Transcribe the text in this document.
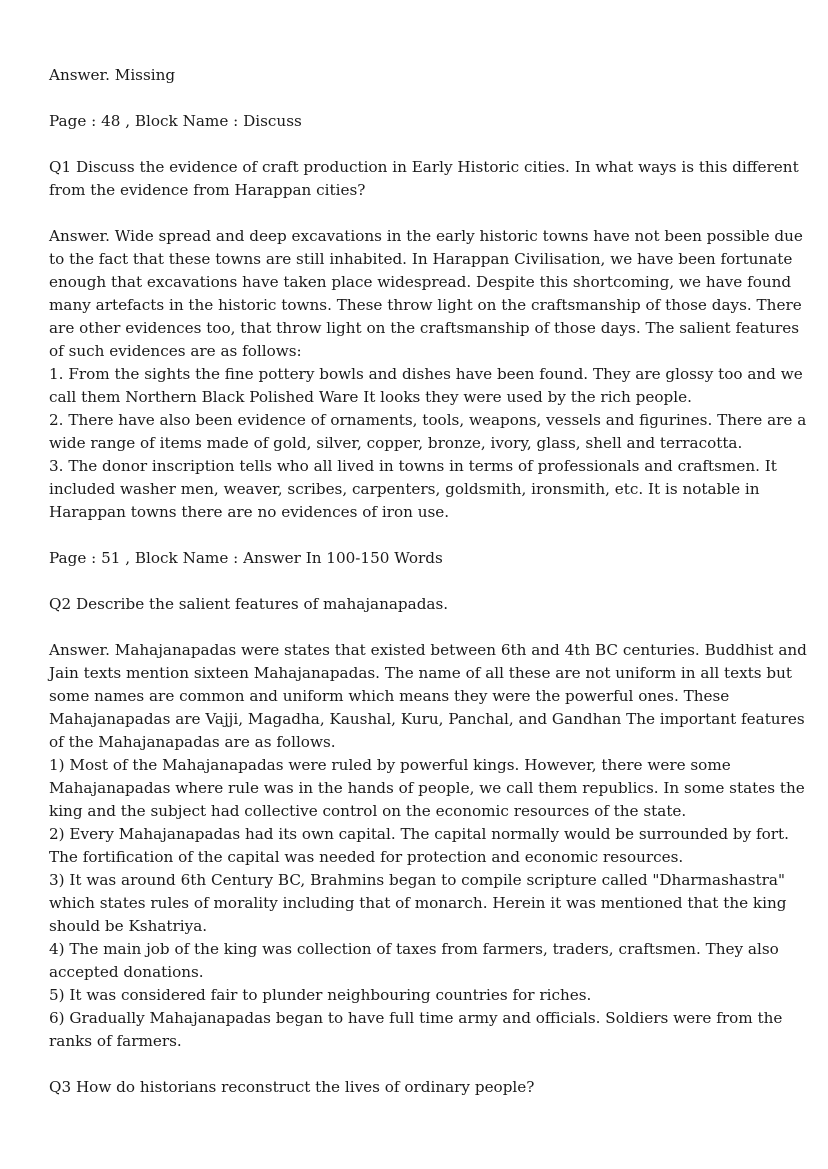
Answer. Missing

Page : 48 , Block Name : Discuss

Q1 Discuss the evidence of craft production in Early Historic cities. In what ways is this different
from the evidence from Harappan cities?

Answer. Wide spread and deep excavations in the early historic towns have not been possible due
to the fact that these towns are still inhabited. In Harappan Civilisation, we have been fortunate
enough that excavations have taken place widespread. Despite this shortcoming, we have found
many artefacts in the historic towns. These throw light on the craftsmanship of those days. There
are other evidences too, that throw light on the craftsmanship of those days. The salient features
of such evidences are as follows:
1. From the sights the fine pottery bowls and dishes have been found. They are glossy too and we
call them Northern Black Polished Ware It looks they were used by the rich people.
2. There have also been evidence of ornaments, tools, weapons, vessels and figurines. There are a
wide range of items made of gold, silver, copper, bronze, ivory, glass, shell and terracotta.
3. The donor inscription tells who all lived in towns in terms of professionals and craftsmen. It
included washer men, weaver, scribes, carpenters, goldsmith, ironsmith, etc. It is notable in
Harappan towns there are no evidences of iron use.

Page : 51 , Block Name : Answer In 100-150 Words

Q2 Describe the salient features of mahajanapadas.

Answer. Mahajanapadas were states that existed between 6th and 4th BC centuries. Buddhist and
Jain texts mention sixteen Mahajanapadas. The name of all these are not uniform in all texts but
some names are common and uniform which means they were the powerful ones. These
Mahajanapadas are Vajji, Magadha, Kaushal, Kuru, Panchal, and Gandhan The important features
of the Mahajanapadas are as follows.
1) Most of the Mahajanapadas were ruled by powerful kings. However, there were some
Mahajanapadas where rule was in the hands of people, we call them republics. In some states the
king and the subject had collective control on the economic resources of the state.
2) Every Mahajanapadas had its own capital. The capital normally would be surrounded by fort.
The fortification of the capital was needed for protection and economic resources.
3) It was around 6th Century BC, Brahmins began to compile scripture called "Dharmashastra"
which states rules of morality including that of monarch. Herein it was mentioned that the king
should be Kshatriya.
4) The main job of the king was collection of taxes from farmers, traders, craftsmen. They also
accepted donations.
5) It was considered fair to plunder neighbouring countries for riches.
6) Gradually Mahajanapadas began to have full time army and officials. Soldiers were from the
ranks of farmers.

Q3 How do historians reconstruct the lives of ordinary people?
